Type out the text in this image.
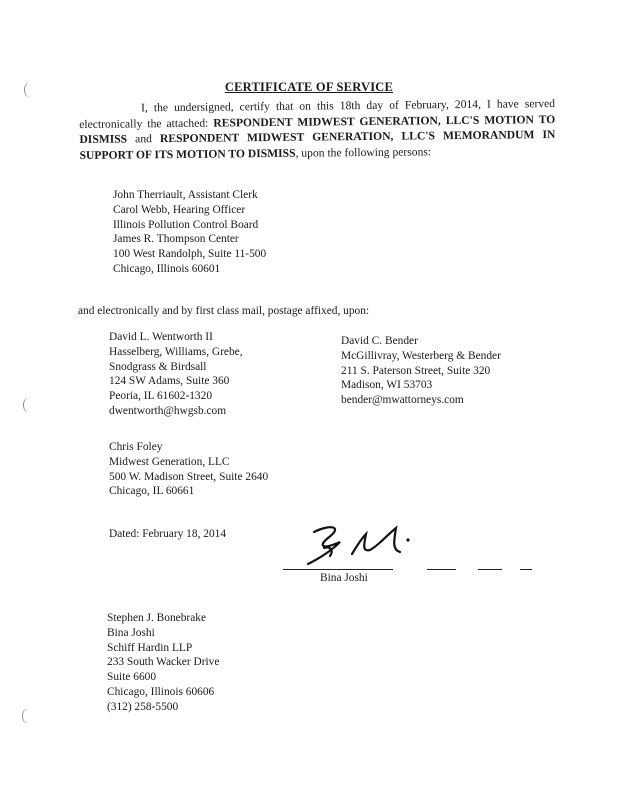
CERTIFICATE OF SERVICE
I, the undersigned, certify that on this 18th day of February, 2014, I have served electronically the attached: RESPONDENT MIDWEST GENERATION, LLC'S MOTION TO DISMISS and RESPONDENT MIDWEST GENERATION, LLC'S MEMORANDUM IN SUPPORT OF ITS MOTION TO DISMISS, upon the following persons:
John Therriault, Assistant Clerk
Carol Webb, Hearing Officer
Illinois Pollution Control Board
James R. Thompson Center
100 West Randolph, Suite 11-500
Chicago, Illinois 60601
and electronically and by first class mail, postage affixed, upon:
David L. Wentworth II
Hasselberg, Williams, Grebe,
Snodgrass & Birdsall
124 SW Adams, Suite 360
Peoria, IL 61602-1320
dwentworth@hwgsb.com
David C. Bender
McGillivray, Westerberg & Bender
211 S. Paterson Street, Suite 320
Madison, WI 53703
bender@mwattorneys.com
Chris Foley
Midwest Generation, LLC
500 W. Madison Street, Suite 2640
Chicago, IL 60661
Dated: February 18, 2014
Bina Joshi
Stephen J. Bonebrake
Bina Joshi
Schiff Hardin LLP
233 South Wacker Drive
Suite 6600
Chicago, Illinois 60606
(312) 258-5500
